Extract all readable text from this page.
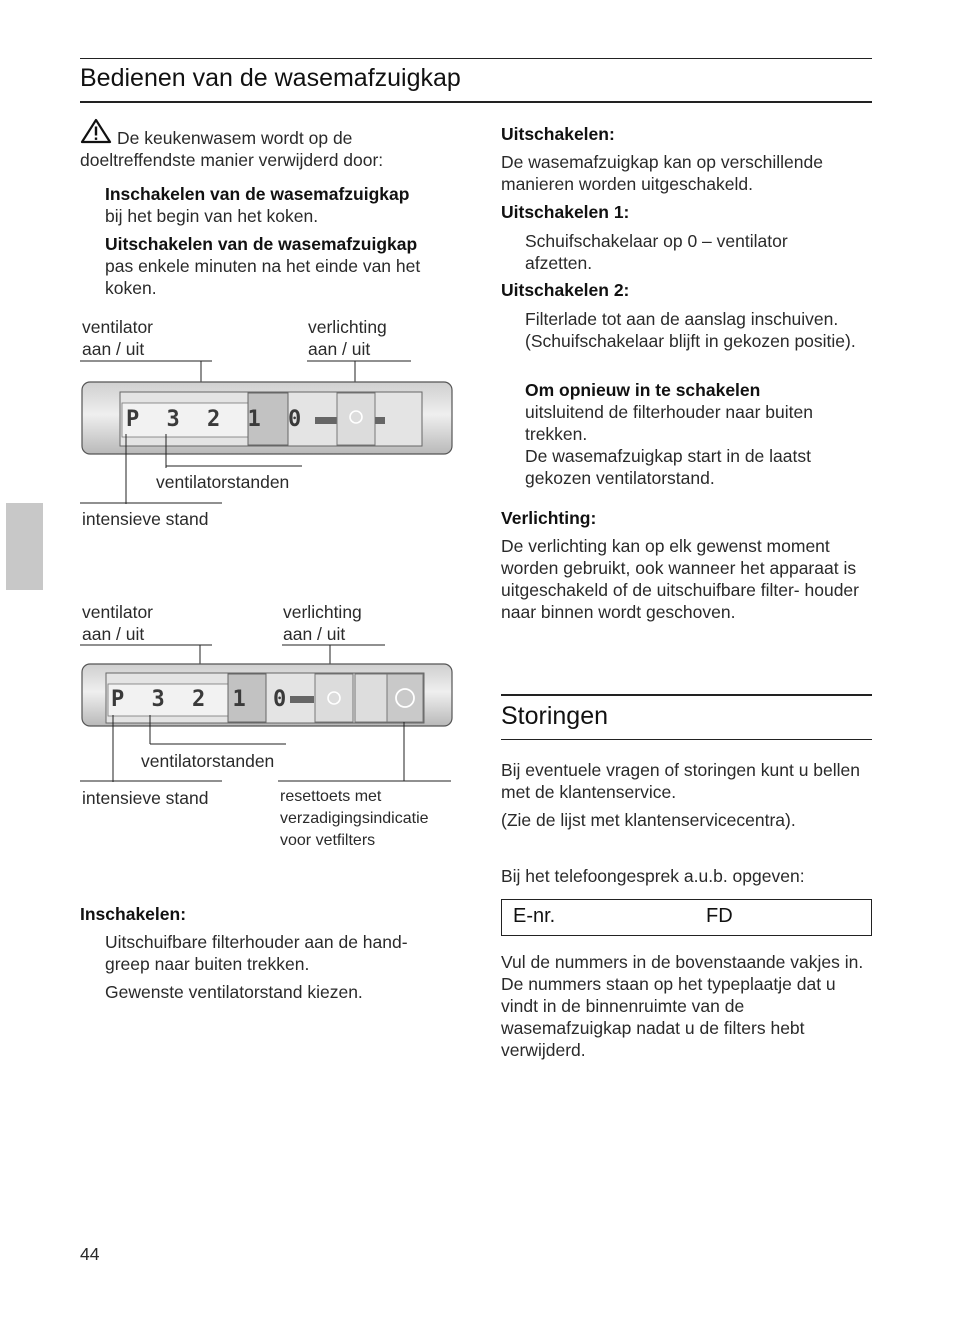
Bedienen van de wasemafzuigkap
De keukenwasem wordt op de doeltreffendste manier verwijderd door:
Inschakelen van de wasemafzuigkap
bij het begin van het koken.
Uitschakelen van de wasemafzuigkap
pas enkele minuten na het einde van het koken.
ventilator
aan / uit
verlichting
aan / uit
P 3 2 1 0
ventilatorstanden
intensieve stand
ventilator
aan / uit
verlichting
aan / uit
P 3 2 1 0
ventilatorstanden
intensieve stand	resettoets met
verzadigingsindicatie
voor vetfilters
Inschakelen:
Uitschuifbare filterhouder aan de hand-
greep naar buiten trekken.
Gewenste ventilatorstand kiezen.
Uitschakelen:
De wasemafzuigkap kan op verschillende manieren worden uitgeschakeld.
Uitschakelen 1:
Schuifschakelaar op 0 – ventilator afzetten.
Uitschakelen 2:
Filterlade tot aan de aanslag inschuiven. (Schuifschakelaar blijft in gekozen positie).
Om opnieuw in te schakelen
uitsluitend de filterhouder naar buiten trekken.
De wasemafzuigkap start in de laatst gekozen ventilatorstand.
Verlichting:
De verlichting kan op elk gewenst moment worden gebruikt, ook wanneer het apparaat is uitgeschakeld of de uitschuifbare filter- houder naar binnen wordt geschoven.
Storingen
Bij eventuele vragen of storingen kunt u bellen met de klantenservice.
(Zie de lijst met klantenservicecentra).
Bij het telefoongesprek a.u.b. opgeven:
E-nr.	FD
Vul de nummers in de bovenstaande vakjes in. De nummers staan op het typeplaatje dat u vindt in de binnenruimte van de wasemafzuigkap nadat u de filters hebt verwijderd.
44
